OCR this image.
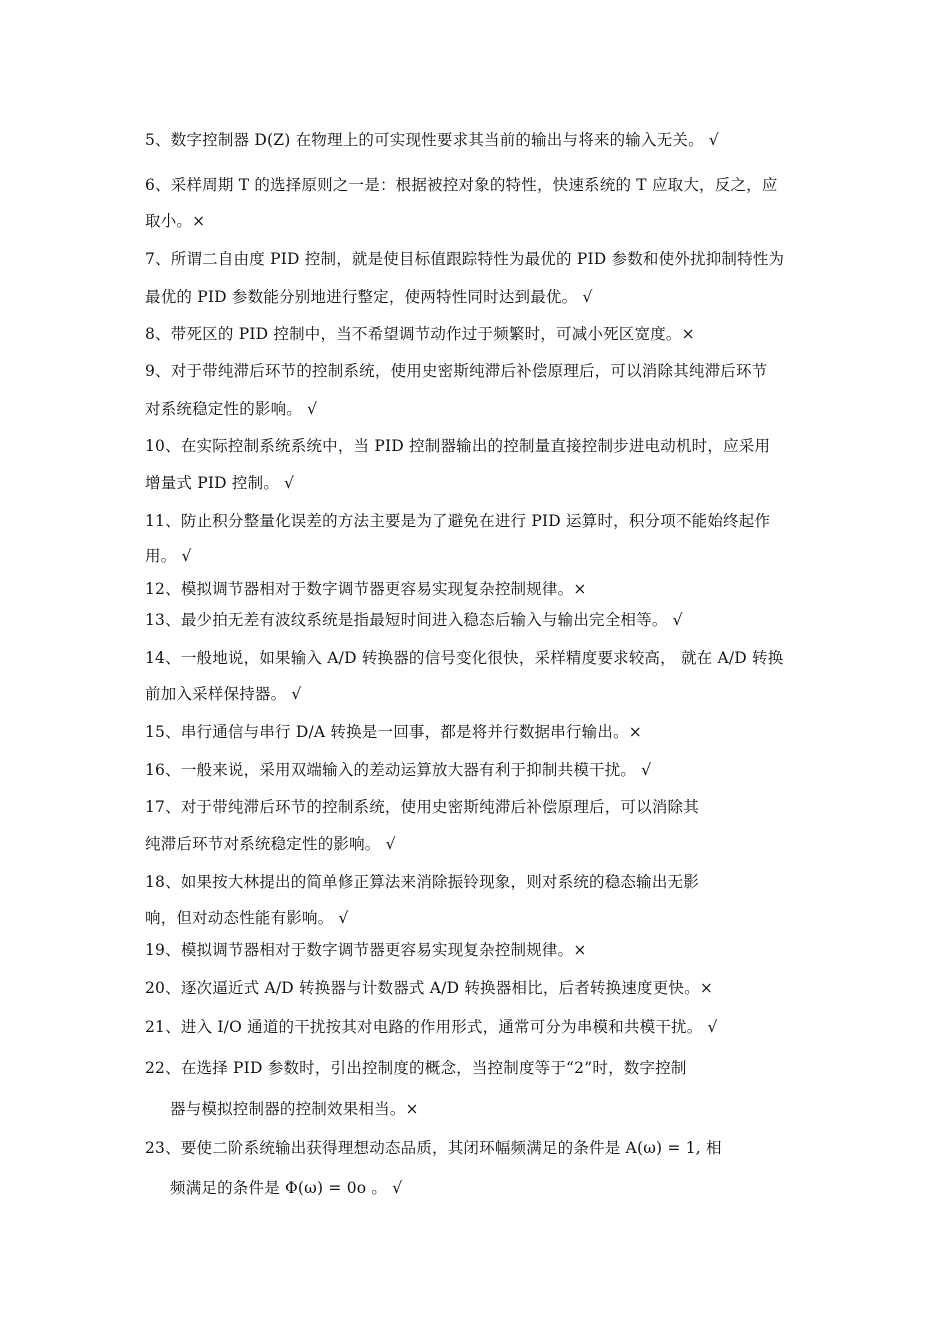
5、数字控制器 D(Z) 在物理上的可实现性要求其当前的输出与将来的输入无关。 √
6、采样周期 T 的选择原则之一是：根据被控对象的特性，快速系统的 T 应取大，反之，应
取小。×
7、所谓二自由度 PID 控制，就是使目标值跟踪特性为最优的 PID 参数和使外扰抑制特性为
最优的 PID 参数能分别地进行整定，使两特性同时达到最优。 √
8、带死区的 PID 控制中，当不希望调节动作过于频繁时，可减小死区宽度。×
9、对于带纯滞后环节的控制系统，使用史密斯纯滞后补偿原理后，可以消除其纯滞后环节
对系统稳定性的影响。 √
10、在实际控制系统系统中，当 PID 控制器输出的控制量直接控制步进电动机时，应采用
增量式 PID 控制。 √
11、防止积分整量化误差的方法主要是为了避免在进行 PID 运算时，积分项不能始终起作
用。 √
12、模拟调节器相对于数字调节器更容易实现复杂控制规律。×
13、最少拍无差有波纹系统是指最短时间进入稳态后输入与输出完全相等。 √
14、一般地说，如果输入 A/D 转换器的信号变化很快，采样精度要求较高， 就在 A/D 转换
前加入采样保持器。 √
15、串行通信与串行 D/A 转换是一回事，都是将并行数据串行输出。×
16、一般来说，采用双端输入的差动运算放大器有利于抑制共模干扰。 √
17、对于带纯滞后环节的控制系统，使用史密斯纯滞后补偿原理后，可以消除其
纯滞后环节对系统稳定性的影响。 √
18、如果按大林提出的简单修正算法来消除振铃现象，则对系统的稳态输出无影
响，但对动态性能有影响。 √
19、模拟调节器相对于数字调节器更容易实现复杂控制规律。×
20、逐次逼近式 A/D 转换器与计数器式 A/D 转换器相比，后者转换速度更快。×
21、进入 I/O 通道的干扰按其对电路的作用形式，通常可分为串模和共模干扰。 √
22、在选择 PID 参数时，引出控制度的概念，当控制度等于“2”时，数字控制
器与模拟控制器的控制效果相当。×
23、要使二阶系统输出获得理想动态品质，其闭环幅频满足的条件是 A(ω) = 1, 相
频满足的条件是 Φ(ω) = 0ο 。 √
